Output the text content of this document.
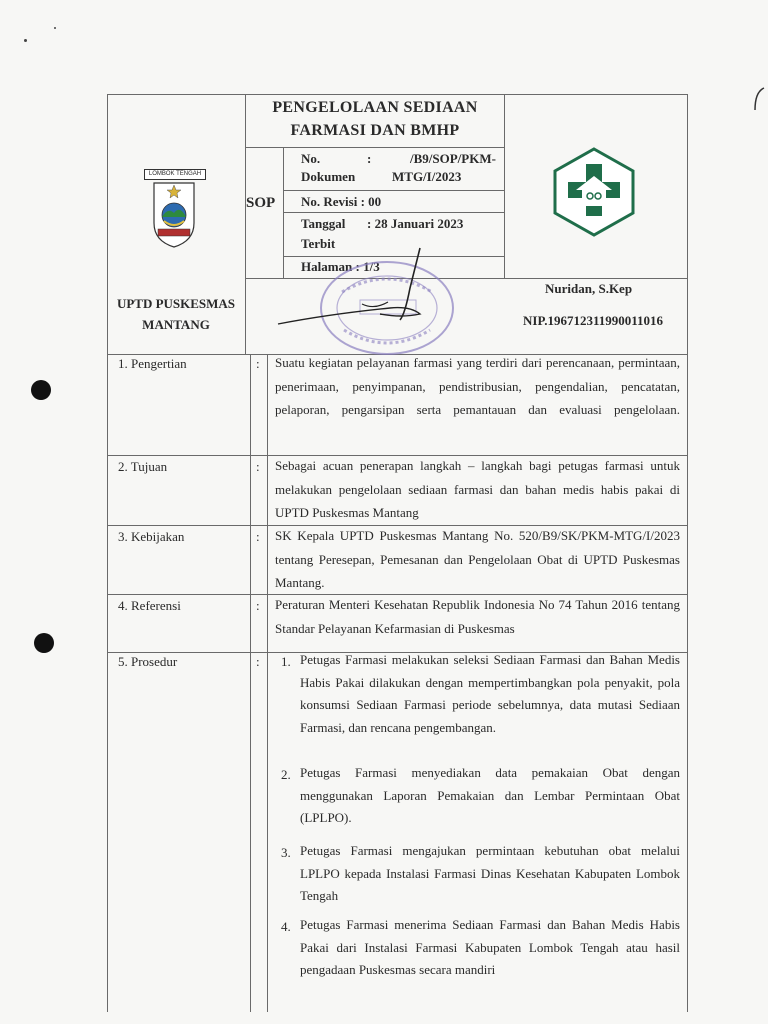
LOMBOK TENGAH
PENGELOLAAN SEDIAAN
FARMASI DAN BMHP
SOP
No.	:	/B9/SOP/PKM-
Dokumen	MTG/I/2023
No. Revisi : 00
Tanggal : 28 Januari 2023
Terbit
Halaman : 1/3
UPTD PUSKESMAS
MANTANG
Nuridan, S.Kep
NIP.196712311990011016
1. Pengertian	: Suatu kegiatan pelayanan farmasi yang terdiri dari perencanaan, permintaan, penerimaan, penyimpanan, pendistribusian, pengendalian, pencatatan, pelaporan, pengarsipan serta pemantauan dan evaluasi pengelolaan.
2. Tujuan	: Sebagai acuan penerapan langkah – langkah bagi petugas farmasi untuk melakukan pengelolaan sediaan farmasi dan bahan medis habis pakai di UPTD Puskesmas Mantang
3. Kebijakan	: SK Kepala UPTD Puskesmas Mantang No. 520/B9/SK/PKM-MTG/I/2023 tentang Peresepan, Pemesanan dan Pengelolaan Obat di UPTD Puskesmas Mantang.
4. Referensi	: Peraturan Menteri Kesehatan Republik Indonesia No 74 Tahun 2016 tentang Standar Pelayanan Kefarmasian di Puskesmas
5. Prosedur	: 1. Petugas Farmasi melakukan seleksi Sediaan Farmasi dan Bahan Medis Habis Pakai dilakukan dengan mempertimbangkan pola penyakit, pola konsumsi Sediaan Farmasi periode sebelumnya, data mutasi Sediaan Farmasi, dan rencana pengembangan.
2. Petugas Farmasi menyediakan data pemakaian Obat dengan menggunakan Laporan Pemakaian dan Lembar Permintaan Obat (LPLPO).
3. Petugas Farmasi mengajukan permintaan kebutuhan obat melalui LPLPO kepada Instalasi Farmasi Dinas Kesehatan Kabupaten Lombok Tengah
4. Petugas Farmasi menerima Sediaan Farmasi dan Bahan Medis Habis Pakai dari Instalasi Farmasi Kabupaten Lombok Tengah atau hasil pengadaan Puskesmas secara mandiri
